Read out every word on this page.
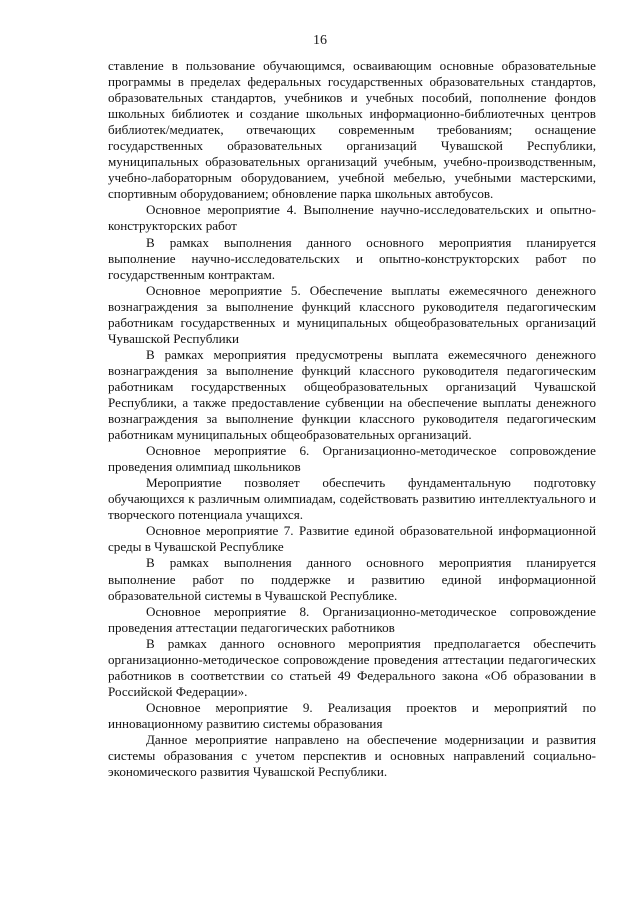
16

ставление в пользование обучающимся, осваивающим основные образовательные программы в пределах федеральных государственных образовательных стандартов, образовательных стандартов, учебников и учебных пособий, пополнение фондов школьных библиотек и создание школьных информационно-библиотечных центров библиотек/медиатек, отвечающих современным требованиям; оснащение государственных образовательных организаций Чувашской Республики, муниципальных образовательных организаций учебным, учебно-производственным, учебно-лабораторным оборудованием, учебной мебелью, учебными мастерскими, спортивным оборудованием; обновление парка школьных автобусов.

Основное мероприятие 4. Выполнение научно-исследовательских и опытно-конструкторских работ

В рамках выполнения данного основного мероприятия планируется выполнение научно-исследовательских и опытно-конструкторских работ по государственным контрактам.

Основное мероприятие 5. Обеспечение выплаты ежемесячного денежного вознаграждения за выполнение функций классного руководителя педагогическим работникам государственных и муниципальных общеобразовательных организаций Чувашской Республики

В рамках мероприятия предусмотрены выплата ежемесячного денежного вознаграждения за выполнение функций классного руководителя педагогическим работникам государственных общеобразовательных организаций Чувашской Республики, а также предоставление субвенции на обеспечение выплаты денежного вознаграждения за выполнение функции классного руководителя педагогическим работникам муниципальных общеобразовательных организаций.

Основное мероприятие 6. Организационно-методическое сопровождение проведения олимпиад школьников

Мероприятие позволяет обеспечить фундаментальную подготовку обучающихся к различным олимпиадам, содействовать развитию интеллектуального и творческого потенциала учащихся.

Основное мероприятие 7. Развитие единой образовательной информационной среды в Чувашской Республике

В рамках выполнения данного основного мероприятия планируется выполнение работ по поддержке и развитию единой информационной образовательной системы в Чувашской Республике.

Основное мероприятие 8. Организационно-методическое сопровождение проведения аттестации педагогических работников

В рамках данного основного мероприятия предполагается обеспечить организационно-методическое сопровождение проведения аттестации педагогических работников в соответствии со статьей 49 Федерального закона «Об образовании в Российской Федерации».

Основное мероприятие 9. Реализация проектов и мероприятий по инновационному развитию системы образования

Данное мероприятие направлено на обеспечение модернизации и развития системы образования с учетом перспектив и основных направлений социально-экономического развития Чувашской Республики.
